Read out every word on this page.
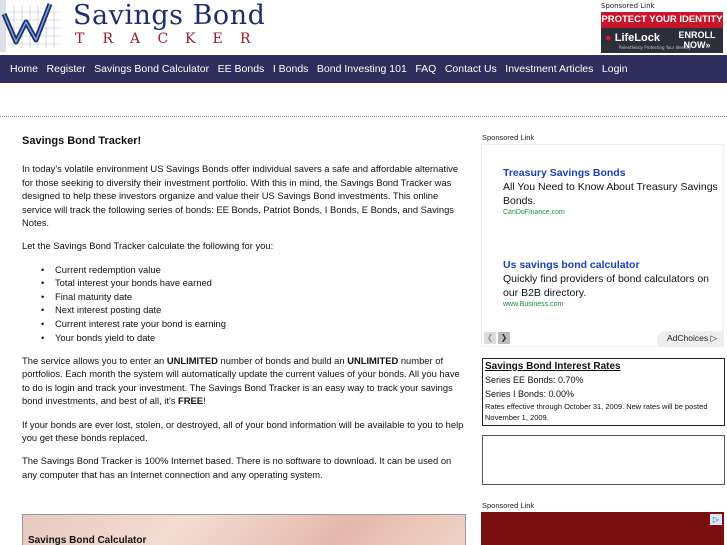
Savings Bond
T R A C K E R
Sponsored Link
PROTECT YOUR IDENTITY
● LifeLock
Relentlessly Protecting Your Identity
ENROLL
NOW»
Home Register Savings Bond Calculator EE Bonds I Bonds Bond Investing 101 FAQ Contact Us Investment Articles Login
Savings Bond Tracker!

In today's volatile environment US Savings Bonds offer individual savers a safe and affordable alternative for those seeking to diversify their investment portfolio. With this in mind, the Savings Bond Tracker was designed to help these investors organize and value their US Savings Bond investments. This online service will track the following series of bonds: EE Bonds, Patriot Bonds, I Bonds, E Bonds, and Savings Notes.

Let the Savings Bond Tracker calculate the following for you:

• Current redemption value
• Total interest your bonds have earned
• Final maturity date
• Next interest posting date
• Current interest rate your bond is earning
• Your bonds yield to date

The service allows you to enter an UNLIMITED number of bonds and build an UNLIMITED number of portfolios. Each month the system will automatically update the current values of your bonds. All you have to do is login and track your investment. The Savings Bond Tracker is an easy way to track your savings bond investments, and best of all, it's FREE!

If your bonds are ever lost, stolen, or destroyed, all of your bond information will be available to you to help you get these bonds replaced.

The Savings Bond Tracker is 100% Internet based. There is no software to download. It can be used on any computer that has an Internet connection and any operating system.

Savings Bond Calculator
Sponsored Link
Treasury Savings Bonds
All You Need to Know About Treasury Savings Bonds.
CanDoFinance.com
Us savings bond calculator
Quickly find providers of bond calculators on our B2B directory.
www.Business.com
❮ ❯	AdChoices ▷
Savings Bond Interest Rates
Series EE Bonds: 0.70%
Series I Bonds: 0.00%
Rates effective through October 31, 2009. New rates will be posted November 1, 2009.
Sponsored Link
▷
